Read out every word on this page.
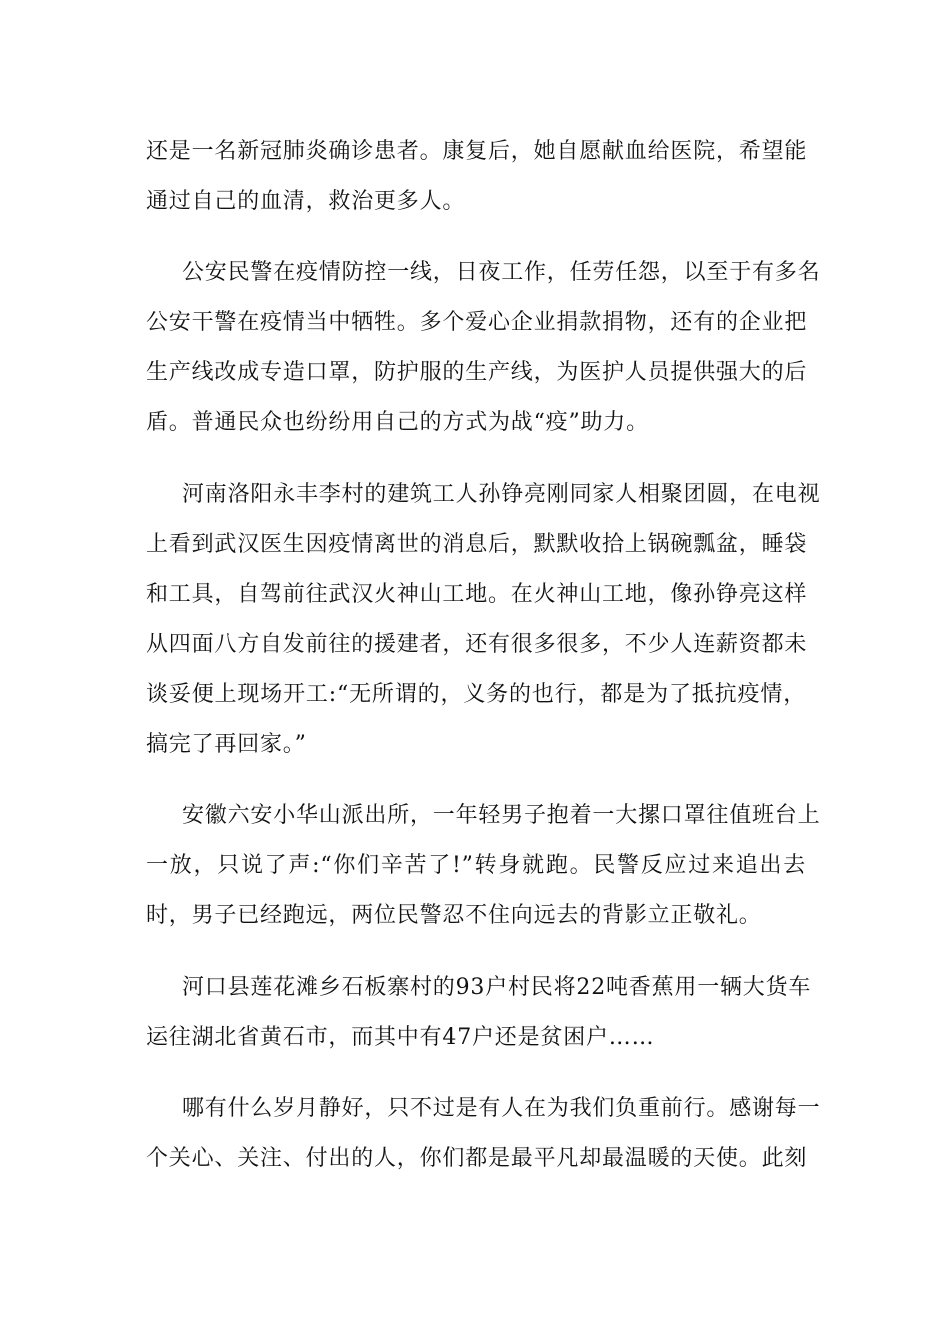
还是一名新冠肺炎确诊患者。康复后，她自愿献血给医院，希望能

通过自己的血清，救治更多人。

公安民警在疫情防控一线，日夜工作，任劳任怨，以至于有多名

公安干警在疫情当中牺牲。多个爱心企业捐款捐物，还有的企业把

生产线改成专造口罩，防护服的生产线，为医护人员提供强大的后

盾。普通民众也纷纷用自己的方式为战“疫”助力。

河南洛阳永丰李村的建筑工人孙铮亮刚同家人相聚团圆，在电视

上看到武汉医生因疫情离世的消息后，默默收拾上锅碗瓢盆，睡袋

和工具，自驾前往武汉火神山工地。在火神山工地，像孙铮亮这样

从四面八方自发前往的援建者，还有很多很多，不少人连薪资都未

谈妥便上现场开工:“无所谓的，义务的也行，都是为了抵抗疫情，

搞完了再回家。”

安徽六安小华山派出所，一年轻男子抱着一大摞口罩往值班台上

一放，只说了声:“你们辛苦了!”转身就跑。民警反应过来追出去

时，男子已经跑远，两位民警忍不住向远去的背影立正敬礼。

河口县莲花滩乡石板寨村的93户村民将22吨香蕉用一辆大货车

运往湖北省黄石市，而其中有47户还是贫困户……

哪有什么岁月静好，只不过是有人在为我们负重前行。感谢每一

个关心、关注、付出的人，你们都是最平凡却最温暖的天使。此刻
